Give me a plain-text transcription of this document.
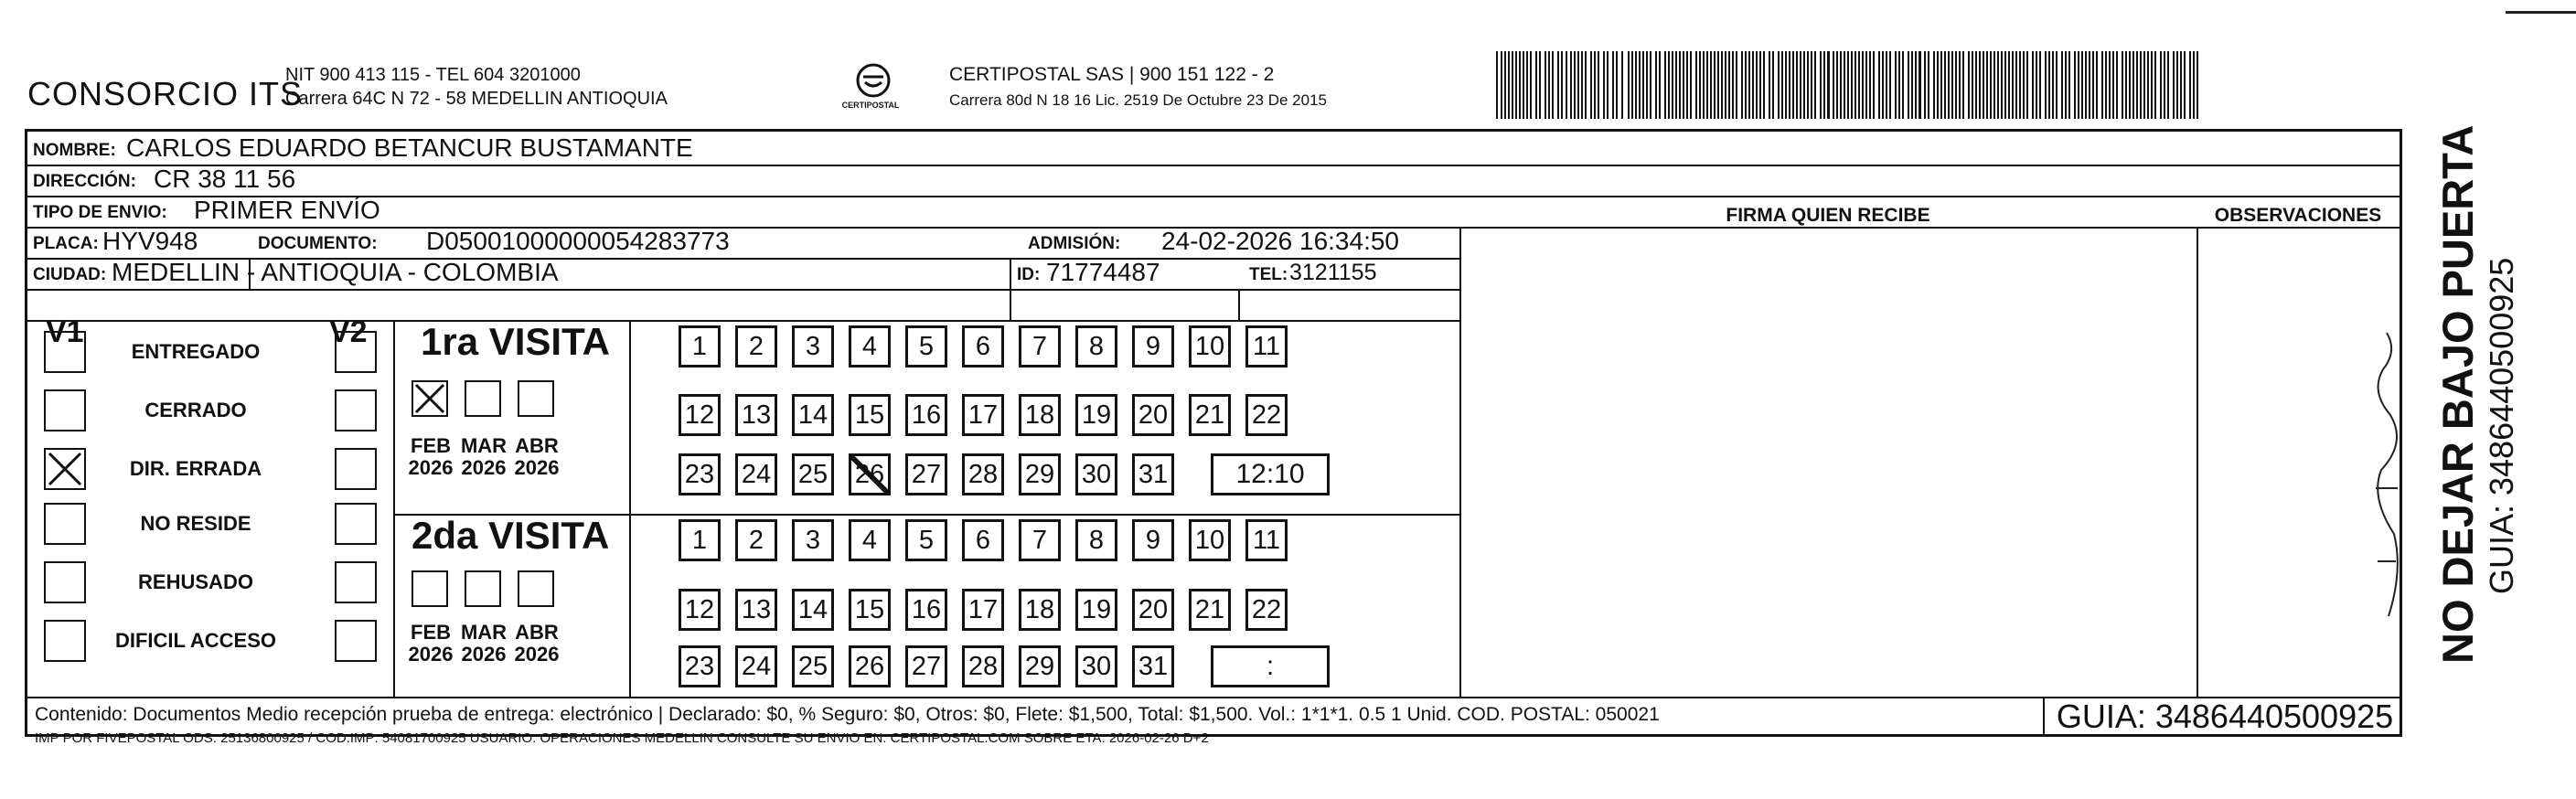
CONSORCIO ITS
NIT 900 413 115 - TEL 604 3201000
Carrera 64C N 72 - 58 MEDELLIN ANTIOQUIA	CERTIPOSTAL
CERTIPOSTAL SAS | 900 151 122 - 2
Carrera 80d N 18 16 Lic. 2519 De Octubre 23 De 2015
NOMBRE: CARLOS EDUARDO BETANCUR BUSTAMANTE
DIRECCIÓN: CR 38 11 56
TIPO DE ENVIO: PRIMER ENVÍO	FIRMA QUIEN RECIBE	OBSERVACIONES
PLACA: HYV948	DOCUMENTO: D05001000000054283773	ADMISIÓN: 24-02-2026 16:34:50
CIUDAD: MEDELLIN - ANTIOQUIA - COLOMBIA	ID: 71774487	TEL: 3121155
V1	V2
ENTREGADO
CERRADO
DIR. ERRADA
NO RESIDE
REHUSADO
DIFICIL ACCESO
1ra VISITA
2da VISITA
FEB
2026
MAR
2026
ABR
2026
FEB
2026
MAR
2026
ABR
2026
1	2	3	4	5	6	7	8	9	10 11
12 13 14 15 16 17 18 19 20 21 22
23 24 25 26 27 28 29 30 31	12:10
1	2	3	4	5	6	7	8	9	10 11
12 13 14 15 16 17 18 19 20 21 22
23 24 25 26 27 28 29 30 31	:
Contenido: Documentos Medio recepción prueba de entrega: electrónico | Declarado: $0, % Seguro: $0, Otros: $0, Flete: $1,500, Total: $1,500. Vol.: 1*1*1. 0.5 1 Unid. COD. POSTAL: 050021
IMP POR FIVEPOSTAL ODS: 25136800925 / COD.IMP: 54081700925 USUARIO: OPERACIONES MEDELLIN CONSULTE SU ENVIO EN: CERTIPOSTAL.COM SOBRE ETA: 2026-02-26 D+2
GUIA: 3486440500925
NO DEJAR BAJO PUERTA GUIA: 3486440500925
